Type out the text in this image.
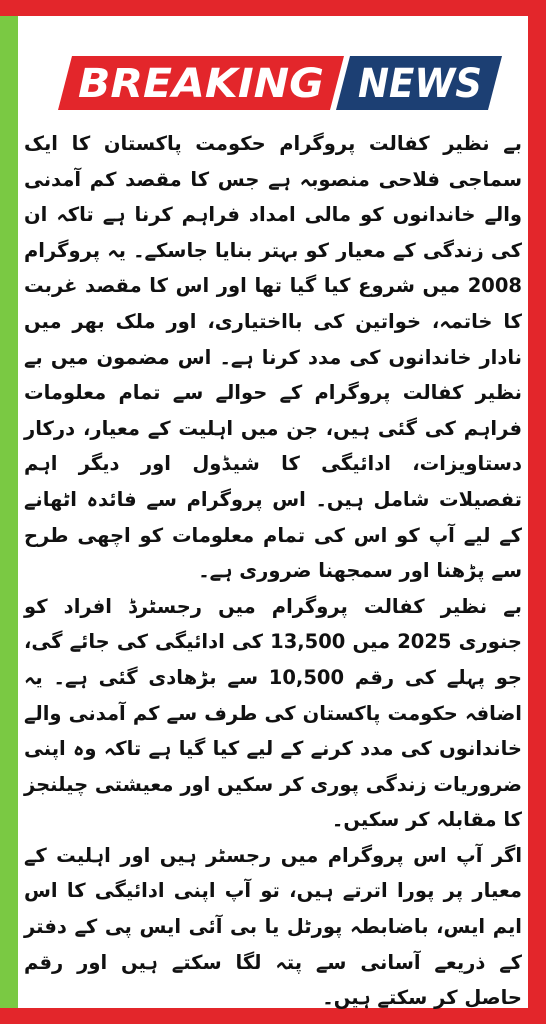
BREAKING NEWS

بے نظیر کفالت پروگرام حکومت پاکستان کا ایک سماجی فلاحی منصوبہ ہے جس کا مقصد کم آمدنی والے خاندانوں کو مالی امداد فراہم کرنا ہے تاکہ ان کی زندگی کے معیار کو بہتر بنایا جاسکے۔ یہ پروگرام 2008 میں شروع کیا گیا تھا اور اس کا مقصد غربت کا خاتمہ، خواتین کی بااختیاری، اور ملک بھر میں نادار خاندانوں کی مدد کرنا ہے۔ اس مضمون میں بے نظیر کفالت پروگرام کے حوالے سے تمام معلومات فراہم کی گئی ہیں، جن میں اہلیت کے معیار، درکار دستاویزات، ادائیگی کا شیڈول اور دیگر اہم تفصیلات شامل ہیں۔ اس پروگرام سے فائدہ اٹھانے کے لیے آپ کو اس کی تمام معلومات کو اچھی طرح سے پڑھنا اور سمجھنا ضروری ہے۔

بے نظیر کفالت پروگرام میں رجسٹرڈ افراد کو جنوری 2025 میں 13,500 کی ادائیگی کی جائے گی، جو پہلے کی رقم 10,500 سے بڑھادی گئی ہے۔ یہ اضافہ حکومت پاکستان کی طرف سے کم آمدنی والے خاندانوں کی مدد کرنے کے لیے کیا گیا ہے تاکہ وہ اپنی ضروریات زندگی پوری کر سکیں اور معیشتی چیلنجز کا مقابلہ کر سکیں۔

اگر آپ اس پروگرام میں رجسٹر ہیں اور اہلیت کے معیار پر پورا اترتے ہیں، تو آپ اپنی ادائیگی کا اس ایم ایس، باضابطہ پورٹل یا بی آئی ایس پی کے دفتر کے ذریعے آسانی سے پتہ لگا سکتے ہیں اور رقم حاصل کر سکتے ہیں۔
